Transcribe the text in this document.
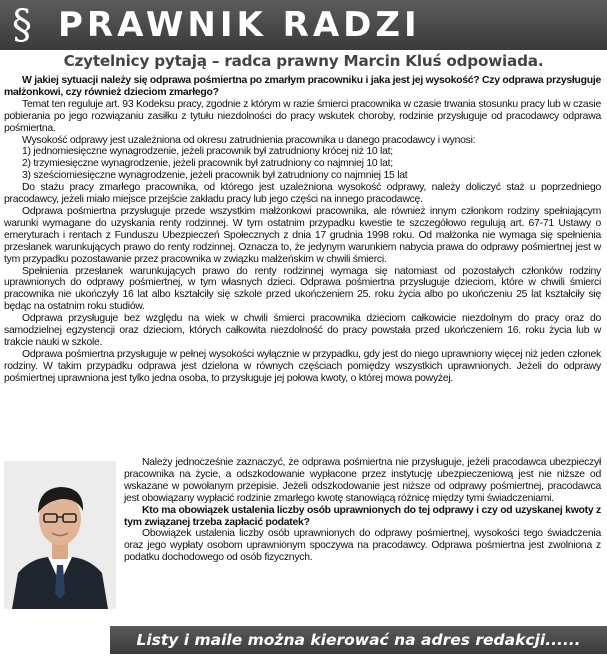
§ PRAWNIK RADZI
Czytelnicy pytają – radca prawny Marcin Kluś odpowiada.

W jakiej sytuacji należy się odprawa pośmiertna po zmarłym pracowniku i jaka jest jej wysokość? Czy odprawa przysługuje małżonkowi, czy również dzieciom zmarłego?

Temat ten reguluje art. 93 Kodeksu pracy, zgodnie z którym w razie śmierci pracownika w czasie trwania stosunku pracy lub w czasie pobierania po jego rozwiązaniu zasiłku z tytułu niezdolności do pracy wskutek choroby, rodzinie przysługuje od pracodawcy odprawa pośmiertna.

Wysokość odprawy jest uzależniona od okresu zatrudnienia pracownika u danego pracodawcy i wynosi:

1) jednomiesięczne wynagrodzenie, jeżeli pracownik był zatrudniony krócej niż 10 lat;
2) trzymiesięczne wynagrodzenie, jeżeli pracownik był zatrudniony co najmniej 10 lat;
3) sześciomiesięczne wynagrodzenie, jeżeli pracownik był zatrudniony co najmniej 15 lat

Do stażu pracy zmarłego pracownika, od którego jest uzależniona wysokość odprawy, należy doliczyć staż u poprzedniego pracodawcy, jeżeli miało miejsce przejście zakładu pracy lub jego części na innego pracodawcę.

Odprawa pośmiertna przysługuje przede wszystkim małżonkowi pracownika, ale również innym członkom rodziny spełniającym warunki wymagane do uzyskania renty rodzinnej. W tym ostatnim przypadku kwestie te szczegółowo regulują art. 67-71 Ustawy o emeryturach i rentach z Funduszu Ubezpieczeń Społecznych z dnia 17 grudnia 1998 roku. Od małżonka nie wymaga się spełnienia przesłanek warunkujących prawo do renty rodzinnej. Oznacza to, że jedynym warunkiem nabycia prawa do odprawy pośmiertnej jest w tym przypadku pozostawanie przez pracownika w związku małżeńskim w chwili śmierci.

Spełnienia przesłanek warunkujących prawo do renty rodzinnej wymaga się natomiast od pozostałych członków rodziny uprawnionych do odprawy pośmiertnej, w tym własnych dzieci. Odprawa pośmiertna przysługuje dzieciom, które w chwili śmierci pracownika nie ukończyły 16 lat albo kształciły się szkole przed ukończeniem 25. roku życia albo po ukończeniu 25 lat kształciły się będąc na ostatnim roku studiów.

Odprawa przysługuje bez względu na wiek w chwili śmierci pracownika dzieciom całkowicie niezdolnym do pracy oraz do samodzielnej egzystencji oraz dzieciom, których całkowita niezdolność do pracy powstała przed ukończeniem 16. roku życia lub w trakcie nauki w szkole.

Odprawa pośmiertna przysługuje w pełnej wysokości wyłącznie w przypadku, gdy jest do niego uprawniony więcej niż jeden członek rodziny. W takim przypadku odprawa jest dzielona w równych częściach pomiędzy wszystkich uprawnionych. Jeżeli do odprawy pośmiertnej uprawniona jest tylko jedna osoba, to przysługuje jej połowa kwoty, o której mowa powyżej.

Należy jednocześnie zaznaczyć, że odprawa pośmiertna nie przysługuje, jeżeli pracodawca ubezpieczył pracownika na życie, a odszkodowanie wypłacone przez instytucję ubezpieczeniową jest nie niższe od wskazane w powołanym przepisie. Jeżeli odszkodowanie jest niższe od odprawy pośmiertnej, pracodawca jest obowiązany wypłacić rodzinie zmarłego kwotę stanowiącą różnicę między tymi świadczeniami.

Kto ma obowiązek ustalenia liczby osób uprawnionych do tej odprawy i czy od uzyskanej kwoty z tym związanej trzeba zapłacić podatek?

Obowiązek ustalenia liczby osób uprawnionych do odprawy pośmiertnej, wysokości tego świadczenia oraz jego wypłaty osobom uprawnionym spoczywa na pracodawcy. Odprawa pośmiertna jest zwolniona z podatku dochodowego od osób fizycznych.

Listy i maile można kierować na adres redakcji......
